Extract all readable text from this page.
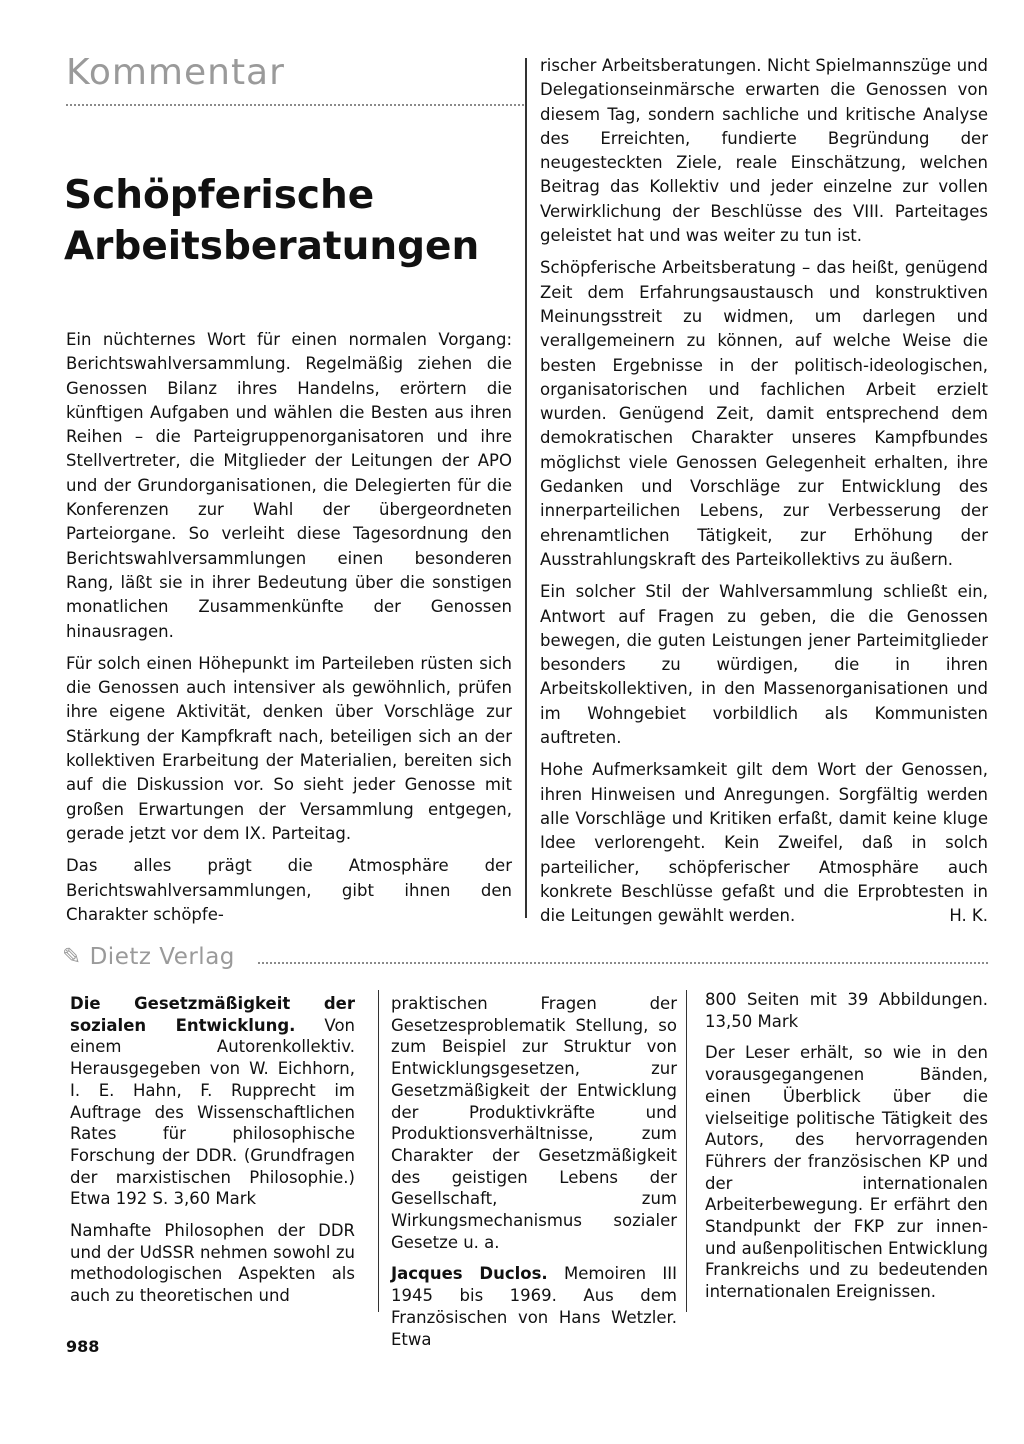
Kommentar
Schöpferische
Arbeitsberatungen

Ein nüchternes Wort für einen normalen Vorgang: Berichtswahlversammlung. Regelmäßig ziehen die Genossen Bilanz ihres Handelns, erörtern die künftigen Aufgaben und wählen die Besten aus ihren Reihen – die Parteigruppenorganisatoren und ihre Stellvertreter, die Mitglieder der Leitungen der APO und der Grundorganisationen, die Delegierten für die Konferenzen zur Wahl der übergeordneten Parteiorgane. So verleiht diese Tagesordnung den Berichtswahlversammlungen einen besonderen Rang, läßt sie in ihrer Bedeutung über die sonstigen monatlichen Zusammenkünfte der Genossen hinausragen.

Für solch einen Höhepunkt im Parteileben rüsten sich die Genossen auch intensiver als gewöhnlich, prüfen ihre eigene Aktivität, denken über Vorschläge zur Stärkung der Kampfkraft nach, beteiligen sich an der kollektiven Erarbeitung der Materialien, bereiten sich auf die Diskussion vor. So sieht jeder Genosse mit großen Erwartungen der Versammlung entgegen, gerade jetzt vor dem IX. Parteitag.

Das alles prägt die Atmosphäre der Berichtswahlversammlungen, gibt ihnen den Charakter schöpfe-

rischer Arbeitsberatungen. Nicht Spielmannszüge und Delegationseinmärsche erwarten die Genossen von diesem Tag, sondern sachliche und kritische Analyse des Erreichten, fundierte Begründung der neugesteckten Ziele, reale Einschätzung, welchen Beitrag das Kollektiv und jeder einzelne zur vollen Verwirklichung der Beschlüsse des VIII. Parteitages geleistet hat und was weiter zu tun ist.

Schöpferische Arbeitsberatung – das heißt, genügend Zeit dem Erfahrungsaustausch und konstruktiven Meinungsstreit zu widmen, um darlegen und verallgemeinern zu können, auf welche Weise die besten Ergebnisse in der politisch-ideologischen, organisatorischen und fachlichen Arbeit erzielt wurden. Genügend Zeit, damit entsprechend dem demokratischen Charakter unseres Kampfbundes möglichst viele Genossen Gelegenheit erhalten, ihre Gedanken und Vorschläge zur Entwicklung des innerparteilichen Lebens, zur Verbesserung der ehrenamtlichen Tätigkeit, zur Erhöhung der Ausstrahlungskraft des Parteikollektivs zu äußern.

Ein solcher Stil der Wahlversammlung schließt ein, Antwort auf Fragen zu geben, die die Genossen bewegen, die guten Leistungen jener Parteimitglieder besonders zu würdigen, die in ihren Arbeitskollektiven, in den Massenorganisationen und im Wohngebiet vorbildlich als Kommunisten auftreten.

Hohe Aufmerksamkeit gilt dem Wort der Genossen, ihren Hinweisen und Anregungen. Sorgfältig werden alle Vorschläge und Kritiken erfaßt, damit keine kluge Idee verlorengeht. Kein Zweifel, daß in solch parteilicher, schöpferischer Atmosphäre auch konkrete Beschlüsse gefaßt und die Erprobtesten in die Leitungen gewählt werden.	H. K.

✎ Dietz Verlag

Die Gesetzmäßigkeit der sozialen Entwicklung. Von einem Autorenkollektiv. Herausgegeben von W. Eichhorn, I. E. Hahn, F. Rupprecht im Auftrage des Wissenschaftlichen Rates für philosophische Forschung der DDR. (Grundfragen der marxistischen Philosophie.) Etwa 192 S. 3,60 Mark

Namhafte Philosophen der DDR und der UdSSR nehmen sowohl zu methodologischen Aspekten als auch zu theoretischen und

praktischen Fragen der Gesetzesproblematik Stellung, so zum Beispiel zur Struktur von Entwicklungsgesetzen, zur Gesetzmäßigkeit der Entwicklung der Produktivkräfte und Produktionsverhältnisse, zum Charakter der Gesetzmäßigkeit des geistigen Lebens der Gesellschaft, zum Wirkungsmechanismus sozialer Gesetze u. a.

Jacques Duclos. Memoiren III 1945 bis 1969. Aus dem Französischen von Hans Wetzler. Etwa

800 Seiten mit 39 Abbildungen. 13,50 Mark

Der Leser erhält, so wie in den vorausgegangenen Bänden, einen Überblick über die vielseitige politische Tätigkeit des Autors, des hervorragenden Führers der französischen KP und der internationalen Arbeiterbewegung. Er erfährt den Standpunkt der FKP zur innen- und außenpolitischen Entwicklung Frankreichs und zu bedeutenden internationalen Ereignissen.

988
